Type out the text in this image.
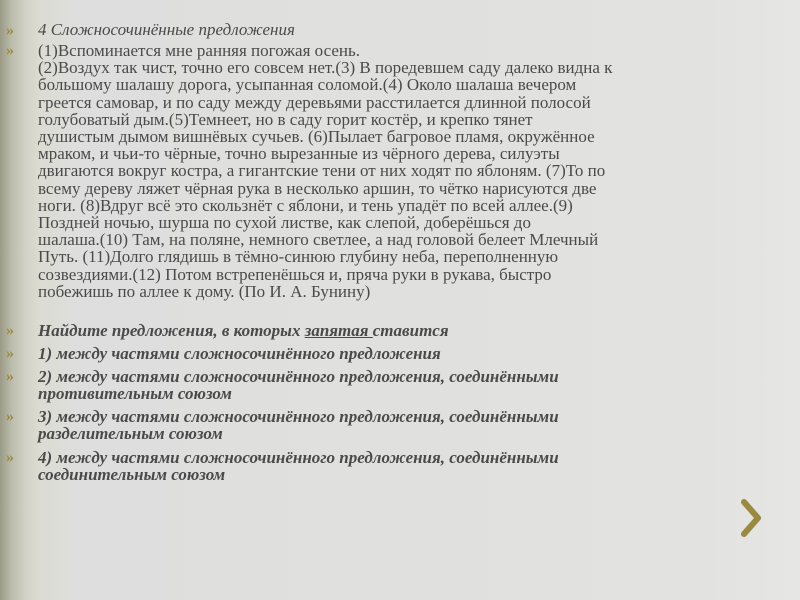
»	4 Сложносочинённые предложения
»	(1)Вспоминается мне ранняя погожая осень.
(2)Воздух так чист, точно его совсем нет.(3) В поредевшем саду далеко видна к
большому шалашу дорога, усыпанная соломой.(4) Около шалаша вечером
греется самовар, и по саду между деревьями расстилается длинной полосой
голубоватый дым.(5)Темнеет, но в саду горит костёр, и крепко тянет
душистым дымом вишнёвых сучьев. (6)Пылает багровое пламя, окружённое
мраком, и чьи-то чёрные, точно вырезанные из чёрного дерева, силуэты
двигаются вокруг костра, а гигантские тени от них ходят по яблоням. (7)То по
всему дереву ляжет чёрная рука в несколько аршин, то чётко нарисуются две
ноги. (8)Вдруг всё это скользнёт с яблони, и тень упадёт по всей аллее.(9)
Поздней ночью, шурша по сухой листве, как слепой, доберёшься до
шалаша.(10) Там, на поляне, немного светлее, а над головой белеет Млечный
Путь. (11)Долго глядишь в тёмно-синюю глубину неба, переполненную
созвездиями.(12) Потом встрепенёшься и, пряча руки в рукава, быстро
побежишь по аллее к дому. (По И. А. Бунину)
»	Найдите предложения, в которых запятая ставится
»	1) между частями сложносочинённого предложения
»	2) между частями сложносочинённого предложения, соединёнными
противительным союзом
»	3) между частями сложносочинённого предложения, соединёнными
разделительным союзом
»	4) между частями сложносочинённого предложения, соединёнными
соединительным союзом
